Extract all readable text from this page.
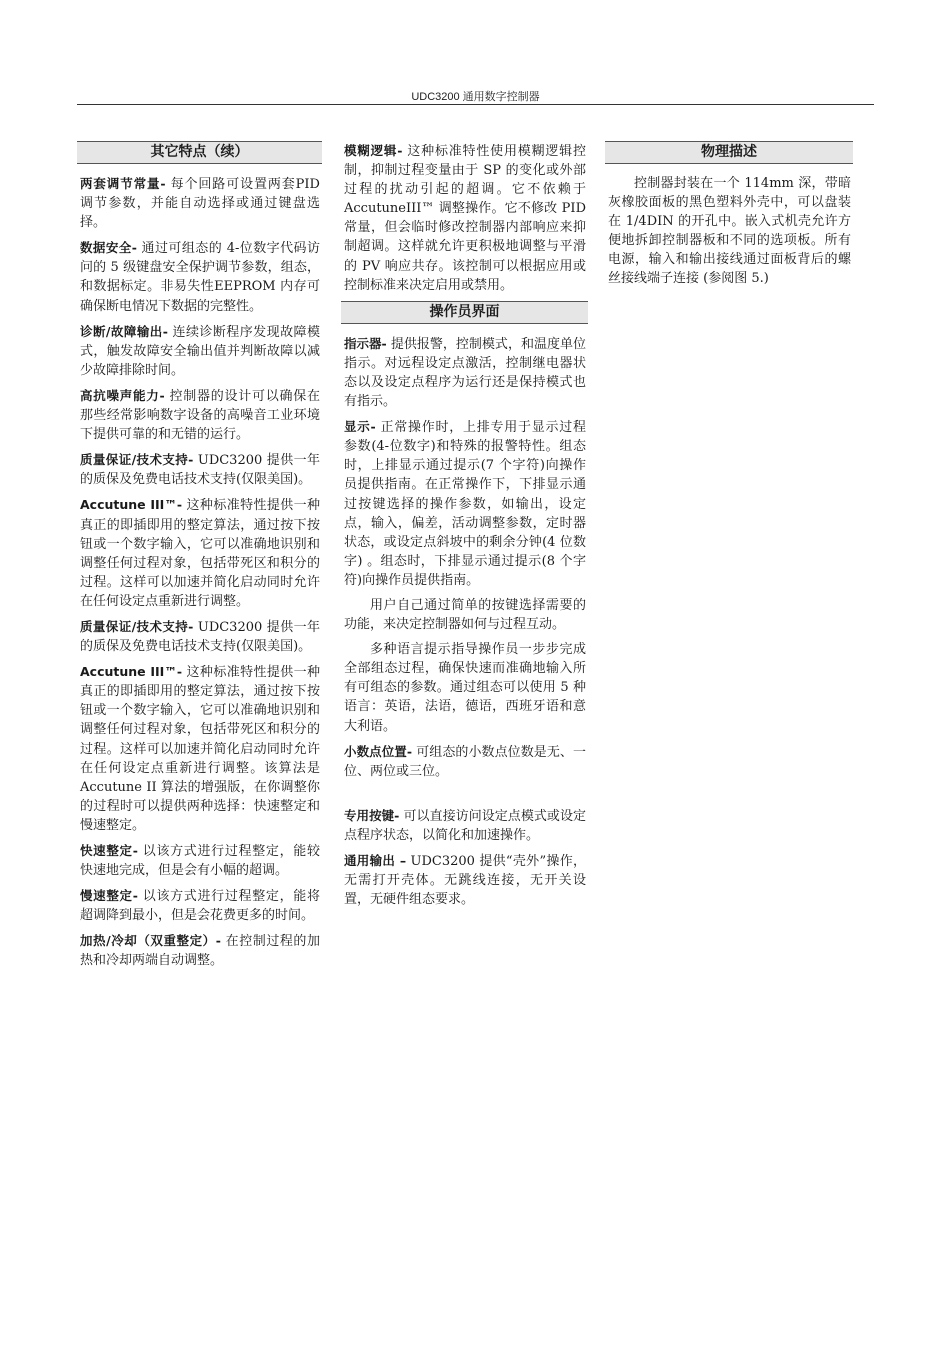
UDC3200 通用数字控制器
其它特点（续）

两套调节常量- 每个回路可设置两套PID 调节参数，并能自动选择或通过键盘选择。

数据安全- 通过可组态的 4-位数字代码访问的 5 级键盘安全保护调节参数，组态，和数据标定。非易失性EEPROM 内存可确保断电情况下数据的完整性。

诊断/故障输出- 连续诊断程序发现故障模式，触发故障安全输出值并判断故障以减少故障排除时间。

高抗噪声能力- 控制器的设计可以确保在那些经常影响数字设备的高噪音工业环境下提供可靠的和无错的运行。

质量保证/技术支持- UDC3200 提供一年的质保及免费电话技术支持(仅限美国)。

Accutune III™- 这种标准特性提供一种真正的即插即用的整定算法，通过按下按钮或一个数字输入，它可以准确地识别和调整任何过程对象，包括带死区和积分的过程。这样可以加速并简化启动同时允许在任何设定点重新进行调整。

质量保证/技术支持- UDC3200 提供一年的质保及免费电话技术支持(仅限美国)。

Accutune III™- 这种标准特性提供一种真正的即插即用的整定算法，通过按下按钮或一个数字输入，它可以准确地识别和调整任何过程对象，包括带死区和积分的过程。这样可以加速并简化启动同时允许在任何设定点重新进行调整。该算法是 Accutune II 算法的增强版，在你调整你的过程时可以提供两种选择：快速整定和慢速整定。

快速整定- 以该方式进行过程整定，能较快速地完成，但是会有小幅的超调。

慢速整定- 以该方式进行过程整定，能将超调降到最小，但是会花费更多的时间。

加热/冷却（双重整定）- 在控制过程的加热和冷却两端自动调整。

模糊逻辑- 这种标准特性使用模糊逻辑控制，抑制过程变量由于 SP 的变化或外部过程的扰动引起的超调。它不依赖于 AccutuneIII™ 调整操作。它不修改 PID 常量，但会临时修改控制器内部响应来抑制超调。这样就允许更积极地调整与平滑的 PV 响应共存。该控制可以根据应用或控制标准来决定启用或禁用。

操作员界面

指示器- 提供报警，控制模式，和温度单位指示。对远程设定点激活，控制继电器状态以及设定点程序为运行还是保持模式也有指示。

显示- 正常操作时，上排专用于显示过程参数(4-位数字)和特殊的报警特性。组态时，上排显示通过提示(7 个字符)向操作员提供指南。在正常操作下，下排显示通过按键选择的操作参数，如输出，设定点，输入，偏差，活动调整参数，定时器状态，或设定点斜坡中的剩余分钟(4 位数字) 。组态时，下排显示通过提示(8 个字符)向操作员提供指南。

用户自己通过简单的按键选择需要的功能，来决定控制器如何与过程互动。

多种语言提示指导操作员一步步完成全部组态过程，确保快速而准确地输入所有可组态的参数。通过组态可以使用 5 种语言：英语，法语，德语，西班牙语和意大利语。

小数点位置- 可组态的小数点位数是无、一位、两位或三位。

专用按键- 可以直接访问设定点模式或设定点程序状态，以简化和加速操作。

通用输出 – UDC3200 提供“壳外”操作，无需打开壳体。无跳线连接，无开关设置，无硬件组态要求。

物理描述

控制器封装在一个 114mm 深，带暗灰橡胶面板的黑色塑料外壳中，可以盘装在 1/4DIN 的开孔中。嵌入式机壳允许方便地拆卸控制器板和不同的选项板。所有电源，输入和输出接线通过面板背后的螺丝接线端子连接 (参阅图 5.)
